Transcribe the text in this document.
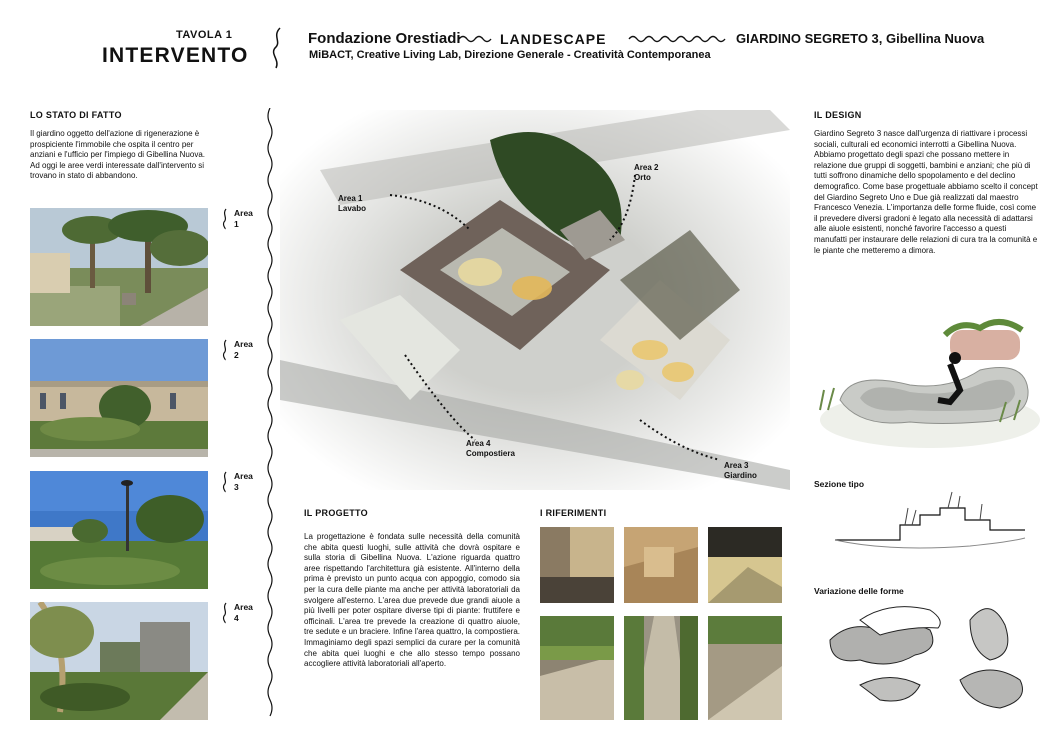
TAVOLA 1
INTERVENTO
Fondazione Orestiadi	LANDESCAPE	GIARDINO SEGRETO 3, Gibellina Nuova
MiBACT, Creative Living Lab, Direzione Generale - Creatività Contemporanea
LO STATO DI FATTO
Il giardino oggetto dell'azione di rigenerazione è prospiciente l'immobile che ospita il centro per anziani e l'ufficio per l'impiego di Gibellina Nuova. Ad oggi le aree verdi interessate dall'intervento si trovano in stato di abbandono.
Area
1
Area
2
Area
3
Area
4
Area 1
Lavabo
Area 2
Orto
Area 3
Giardino
Area 4
Compostiera
IL PROGETTO
La progettazione è fondata sulle necessità della comunità che abita questi luoghi, sulle attività che dovrà ospitare e sulla storia di Gibellina Nuova. L'azione riguarda quattro aree rispettando l'architettura già esistente. All'interno della prima è previsto un punto acqua con appoggio, comodo sia per la cura delle piante ma anche per attività laboratoriali da svolgere all'esterno. L'area due prevede due grandi aiuole a più livelli per poter ospitare diverse tipi di piante: fruttifere e officinali. L'area tre prevede la creazione di quattro aiuole, tre sedute e un braciere. Infine l'area quattro, la compostiera. Immaginiamo degli spazi semplici da curare per la comunità che abita quei luoghi e che allo stesso tempo possano accogliere attività laboratoriali all'aperto.
I RIFERIMENTI
IL DESIGN
Giardino Segreto 3 nasce dall'urgenza di riattivare i processi sociali, culturali ed economici interrotti a Gibellina Nuova. Abbiamo progettato degli spazi che possano mettere in relazione due gruppi di soggetti, bambini e anziani; che più di tutti soffrono dinamiche dello spopolamento e del declino demografico. Come base progettuale abbiamo scelto il concept del Giardino Segreto Uno e Due già realizzati dal maestro Francesco Venezia. L'importanza delle forme fluide, così come il prevedere diversi gradoni è legato alla necessità di adattarsi alle aiuole esistenti, nonché favorire l'accesso a questi manufatti per instaurare delle relazioni di cura tra la comunità e le piante che metteremo a dimora.
Sezione tipo
Variazione delle forme
